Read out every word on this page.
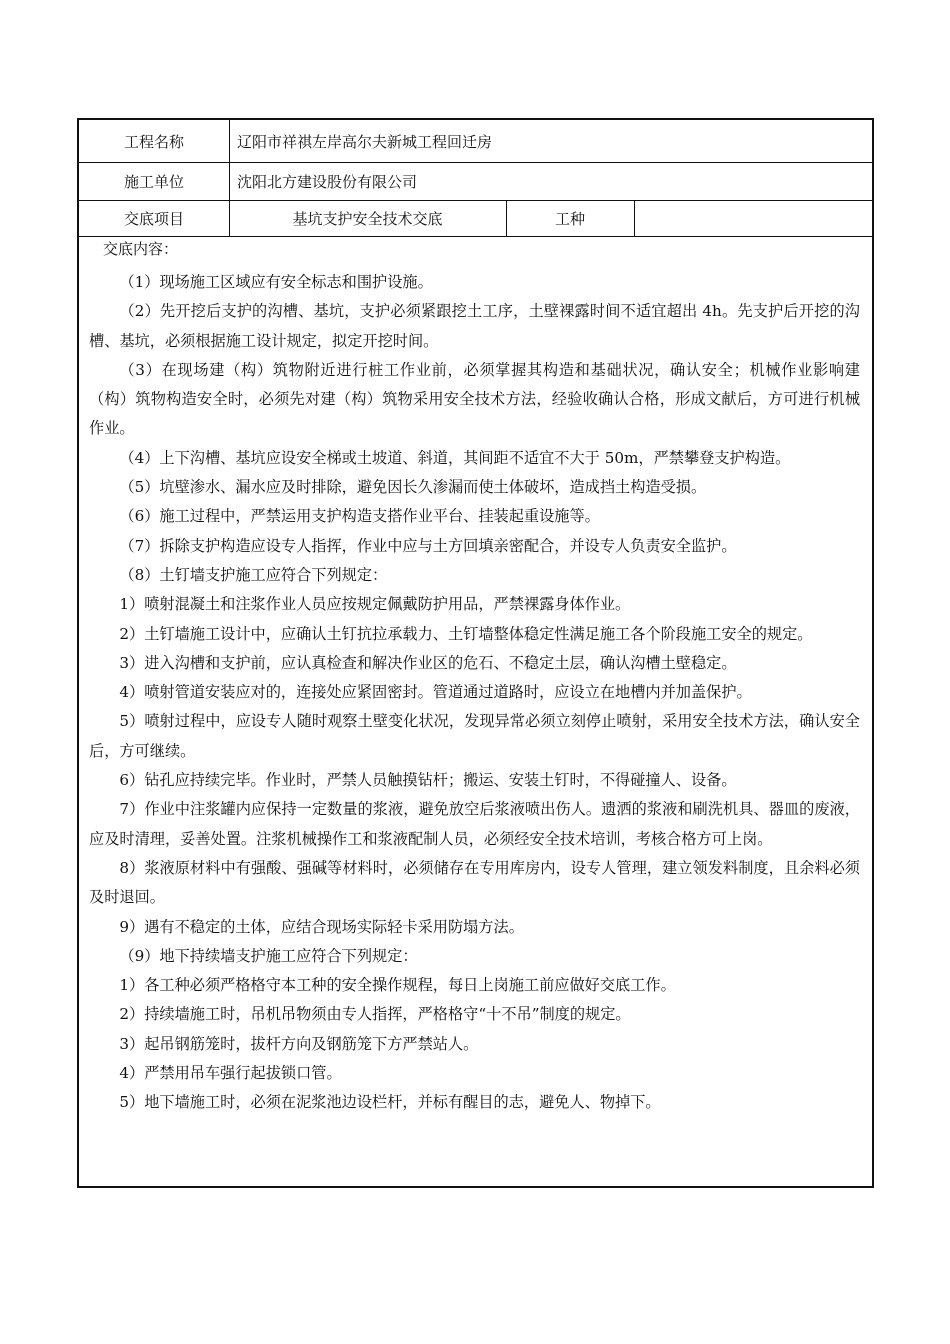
工程名称	辽阳市祥祺左岸高尔夫新城工程回迁房
施工单位	沈阳北方建设股份有限公司
交底项目	基坑支护安全技术交底	工种
交底内容：

（1）现场施工区域应有安全标志和围护设施。

（2）先开挖后支护的沟槽、基坑，支护必须紧跟挖土工序，土壁裸露时间不适宜超出 4h。先支护后开挖的沟槽、基坑，必须根据施工设计规定，拟定开挖时间。

（3）在现场建（构）筑物附近进行桩工作业前，必须掌握其构造和基础状况，确认安全；机械作业影响建（构）筑物构造安全时，必须先对建（构）筑物采用安全技术方法，经验收确认合格，形成文献后，方可进行机械作业。

（4）上下沟槽、基坑应设安全梯或土坡道、斜道，其间距不适宜不大于 50m，严禁攀登支护构造。

（5）坑壁渗水、漏水应及时排除，避免因长久渗漏而使土体破坏，造成挡土构造受损。

（6）施工过程中，严禁运用支护构造支搭作业平台、挂装起重设施等。

（7）拆除支护构造应设专人指挥，作业中应与土方回填亲密配合，并设专人负责安全监护。

（8）土钉墙支护施工应符合下列规定：

1）喷射混凝土和注浆作业人员应按规定佩戴防护用品，严禁裸露身体作业。

2）土钉墙施工设计中，应确认土钉抗拉承载力、土钉墙整体稳定性满足施工各个阶段施工安全的规定。

3）进入沟槽和支护前，应认真检查和解决作业区的危石、不稳定土层，确认沟槽土壁稳定。

4）喷射管道安装应对的，连接处应紧固密封。管道通过道路时，应设立在地槽内并加盖保护。

5）喷射过程中，应设专人随时观察土壁变化状况，发现异常必须立刻停止喷射，采用安全技术方法，确认安全后，方可继续。

6）钻孔应持续完毕。作业时，严禁人员触摸钻杆；搬运、安装土钉时，不得碰撞人、设备。

7）作业中注浆罐内应保持一定数量的浆液，避免放空后浆液喷出伤人。遗洒的浆液和刷洗机具、器皿的废液，应及时清理，妥善处置。注浆机械操作工和浆液配制人员，必须经安全技术培训，考核合格方可上岗。

8）浆液原材料中有强酸、强碱等材料时，必须储存在专用库房内，设专人管理，建立领发料制度，且余料必须及时退回。

9）遇有不稳定的土体，应结合现场实际轻卡采用防塌方法。

（9）地下持续墙支护施工应符合下列规定：

1）各工种必须严格格守本工种的安全操作规程，每日上岗施工前应做好交底工作。

2）持续墙施工时，吊机吊物须由专人指挥，严格格守“十不吊”制度的规定。

3）起吊钢筋笼时，拔杆方向及钢筋笼下方严禁站人。

4）严禁用吊车强行起拔锁口管。

5）地下墙施工时，必须在泥浆池边设栏杆，并标有醒目的志，避免人、物掉下。
